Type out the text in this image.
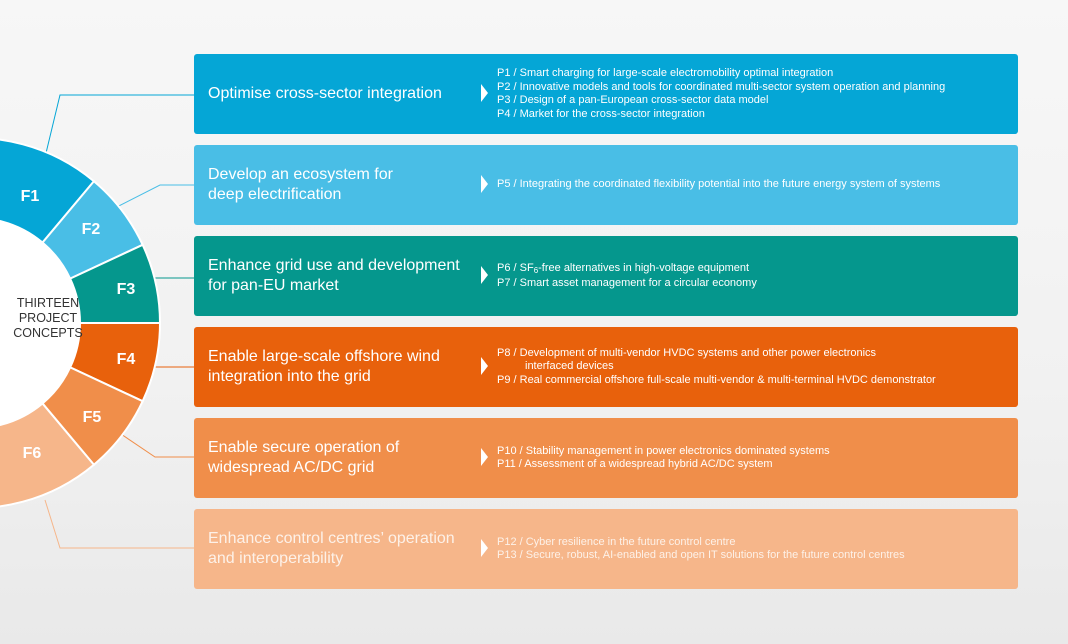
F1
F2
F3
F4
F5
F6
THIRTEEN PROJECT CONCEPTS
Optimise cross-sector integration
P1 / Smart charging for large-scale electromobility optimal integration
P2 / Innovative models and tools for coordinated multi-sector system operation and planning
P3 / Design of a pan-European cross-sector data model
P4 / Market for the cross-sector integration
Develop an ecosystem for
deep electrification
P5 / Integrating the coordinated flexibility potential into the future energy system of systems
Enhance grid use and development
for pan-EU market
$P6 / SF_6$-free alternatives in high-voltage equipment
P7 / Smart asset management for a circular economy
Enable large-scale offshore wind
integration into the grid
P8 / Development of multi-vendor HVDC systems and other power electronics
interfaced devices
P9 / Real commercial offshore full-scale multi-vendor & multi-terminal HVDC demonstrator
Enable secure operation of
widespread AC/DC grid
P10 / Stability management in power electronics dominated systems
P11 / Assessment of a widespread hybrid AC/DC system
Enhance control centres’ operation
and interoperability
P12 / Cyber resilience in the future control centre
P13 / Secure, robust, AI-enabled and open IT solutions for the future control centres
